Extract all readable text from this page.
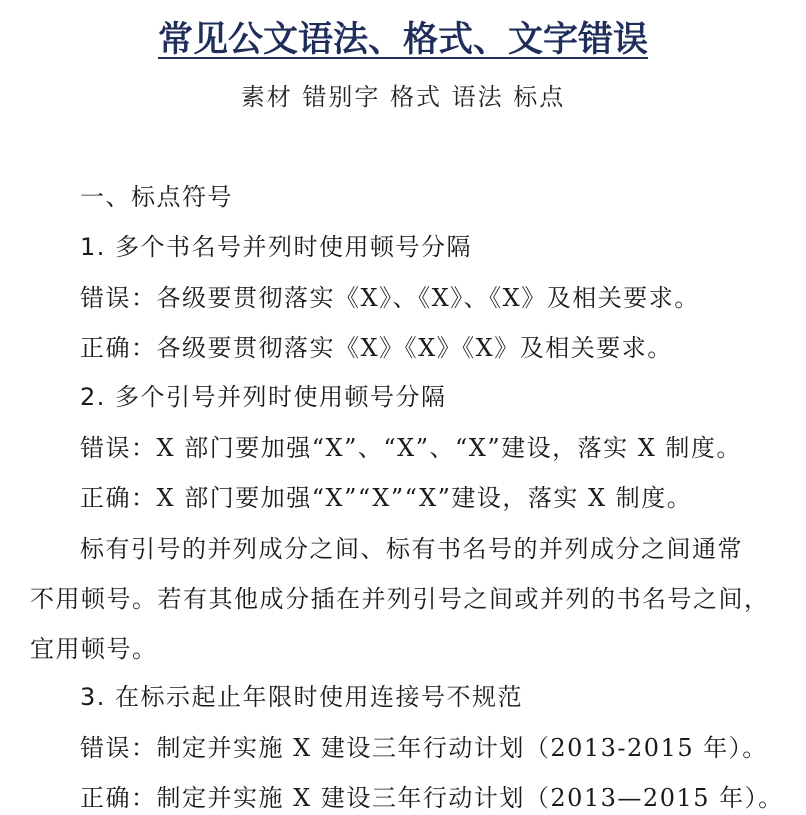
常见公文语法、格式、文字错误
素材 错别字 格式 语法 标点
一、标点符号
1. 多个书名号并列时使用顿号分隔
错误：各级要贯彻落实《X》、《X》、《X》及相关要求。
正确：各级要贯彻落实《X》《X》《X》及相关要求。
2. 多个引号并列时使用顿号分隔
错误：X 部门要加强“X”、“X”、“X”建设，落实 X 制度。
正确：X 部门要加强“X”“X”“X”建设，落实 X 制度。
标有引号的并列成分之间、标有书名号的并列成分之间通常
不用顿号。若有其他成分插在并列引号之间或并列的书名号之间，
宜用顿号。
3. 在标示起止年限时使用连接号不规范
错误：制定并实施 X 建设三年行动计划（2013-2015 年）。
正确：制定并实施 X 建设三年行动计划（2013—2015 年）。
